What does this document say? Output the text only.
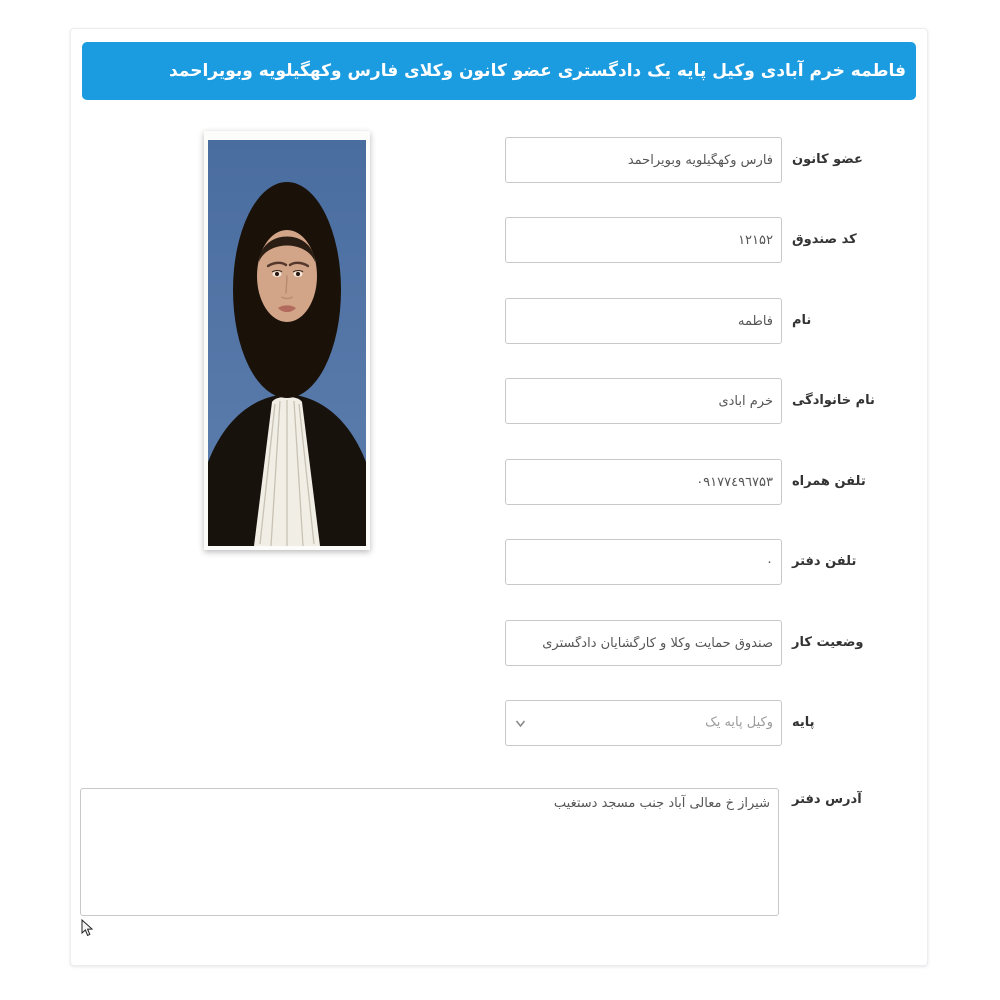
فاطمه خرم آبادی وکیل پایه یک دادگستری عضو کانون وکلای فارس وکهگیلویه وبویراحمد
فارس وکهگیلویه وبویراحمد
عضو کانون
۱۲۱۵۲
کد صندوق
فاطمه
نام
خرم آبادی
نام خانوادگی
۰۹۱۷۷٤۹٦۷۵۳
تلفن همراه
۰
تلفن دفتر
صندوق حمایت وکلا و کارگشایان دادگستری
وضعیت کار
وکیل پایه یک پایه
شیراز خ معالی آباد جنب مسجد دستغیب
آدرس دفتر
